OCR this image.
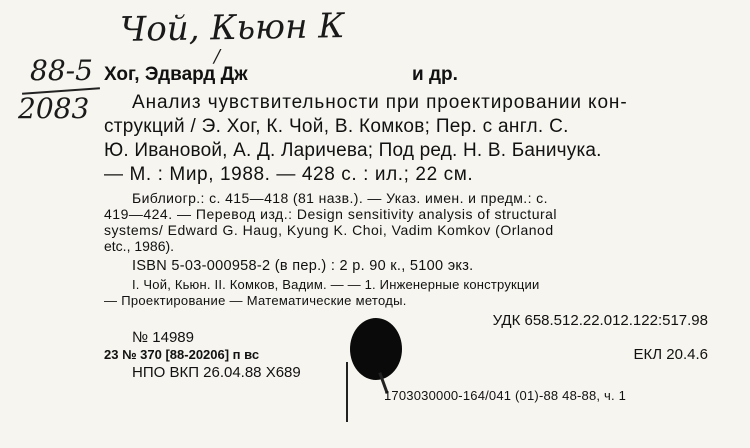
Чой, Кьюн К
/
88-5
2083
Хог, Эдвард Дж	и др.
Анализ чувствительности при проектировании кон-
струкций / Э. Хог, К. Чой, В. Комков; Пер. с англ. С.
Ю. Ивановой, А. Д. Ларичева; Под ред. Н. В. Баничука.
— М. : Мир, 1988. — 428 с. : ил.; 22 см.
Библиогр.: с. 415—418 (81 назв.). — Указ. имен. и предм.: с.
419—424. — Перевод изд.: Design sensitivity analysis of structural
systems/ Edward G. Haug, Kyung K. Choi, Vadim Komkov (Orlanod
etc., 1986).
ISBN 5-03-000958-2 (в пер.) : 2 р. 90 к., 5100 экз.
I. Чой, Кьюн. II. Комков, Вадим. — — 1. Инженерные конструкции
— Проектирование — Математические методы.
УДК 658.512.22.012.122:517.98
№ 14989
23 № 370 [88-20206] п вс	ЕКЛ 20.4.6
НПО ВКП 26.04.88 Х689
1703030000-164/041 (01)-88 48-88, ч. 1
